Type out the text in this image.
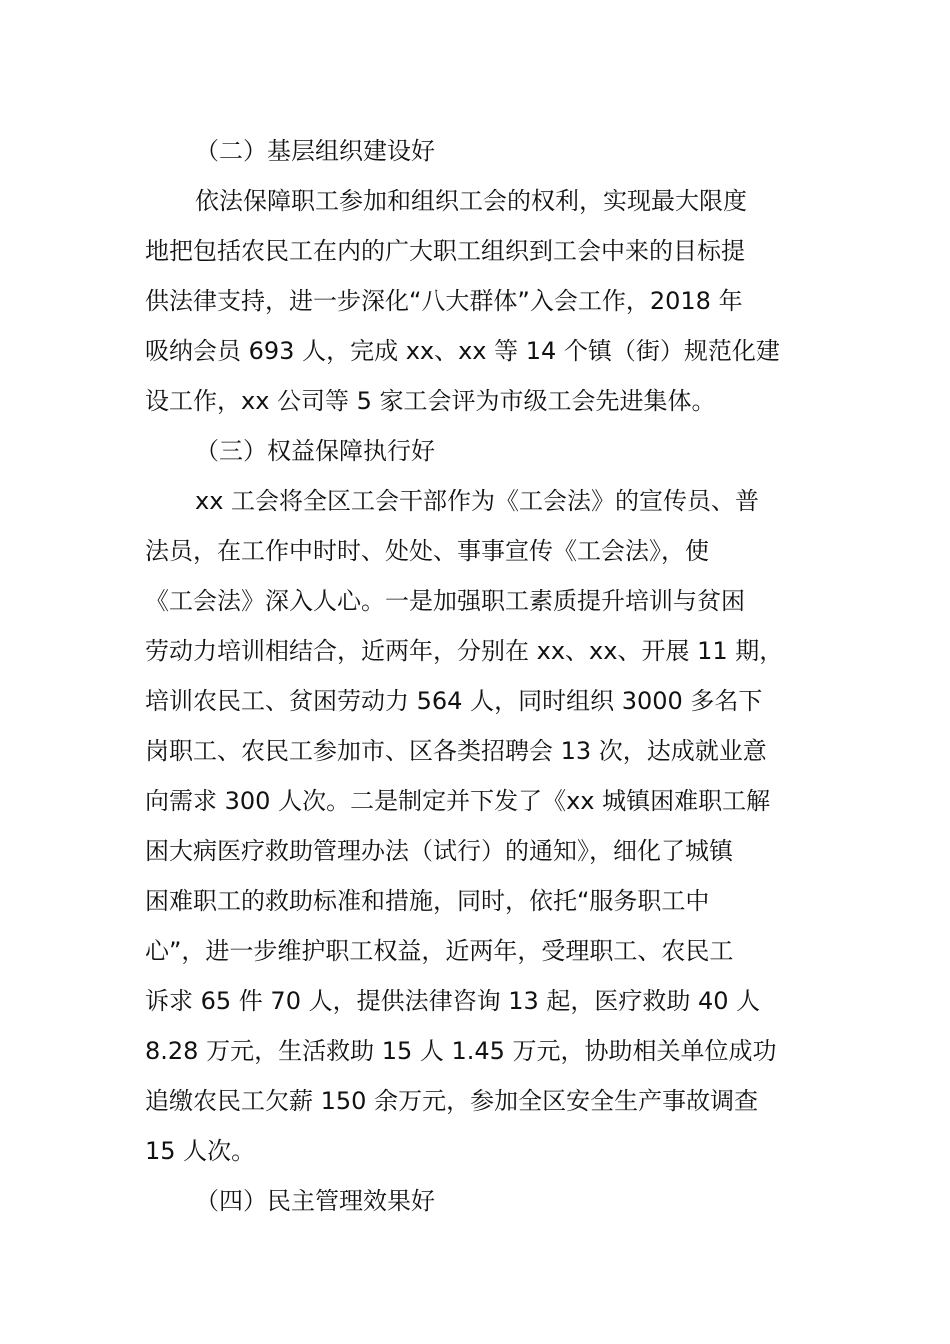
（二）基层组织建设好

依法保障职工参加和组织工会的权利，实现最大限度

地把包括农民工在内的广大职工组织到工会中来的目标提

供法律支持，进一步深化“八大群体”入会工作，2018 年

吸纳会员 693 人，完成 xx、xx 等 14 个镇（街）规范化建

设工作，xx 公司等 5 家工会评为市级工会先进集体。

（三）权益保障执行好

xx 工会将全区工会干部作为《工会法》的宣传员、普

法员，在工作中时时、处处、事事宣传《工会法》，使

《工会法》深入人心。一是加强职工素质提升培训与贫困

劳动力培训相结合，近两年，分别在 xx、xx、开展 11 期，

培训农民工、贫困劳动力 564 人，同时组织 3000 多名下

岗职工、农民工参加市、区各类招聘会 13 次，达成就业意

向需求 300 人次。二是制定并下发了《xx 城镇困难职工解

困大病医疗救助管理办法（试行）的通知》，细化了城镇

困难职工的救助标准和措施，同时，依托“服务职工中

心”，进一步维护职工权益，近两年，受理职工、农民工

诉求 65 件 70 人，提供法律咨询 13 起，医疗救助 40 人

8.28 万元，生活救助 15 人 1.45 万元，协助相关单位成功

追缴农民工欠薪 150 余万元，参加全区安全生产事故调查

15 人次。

（四）民主管理效果好
